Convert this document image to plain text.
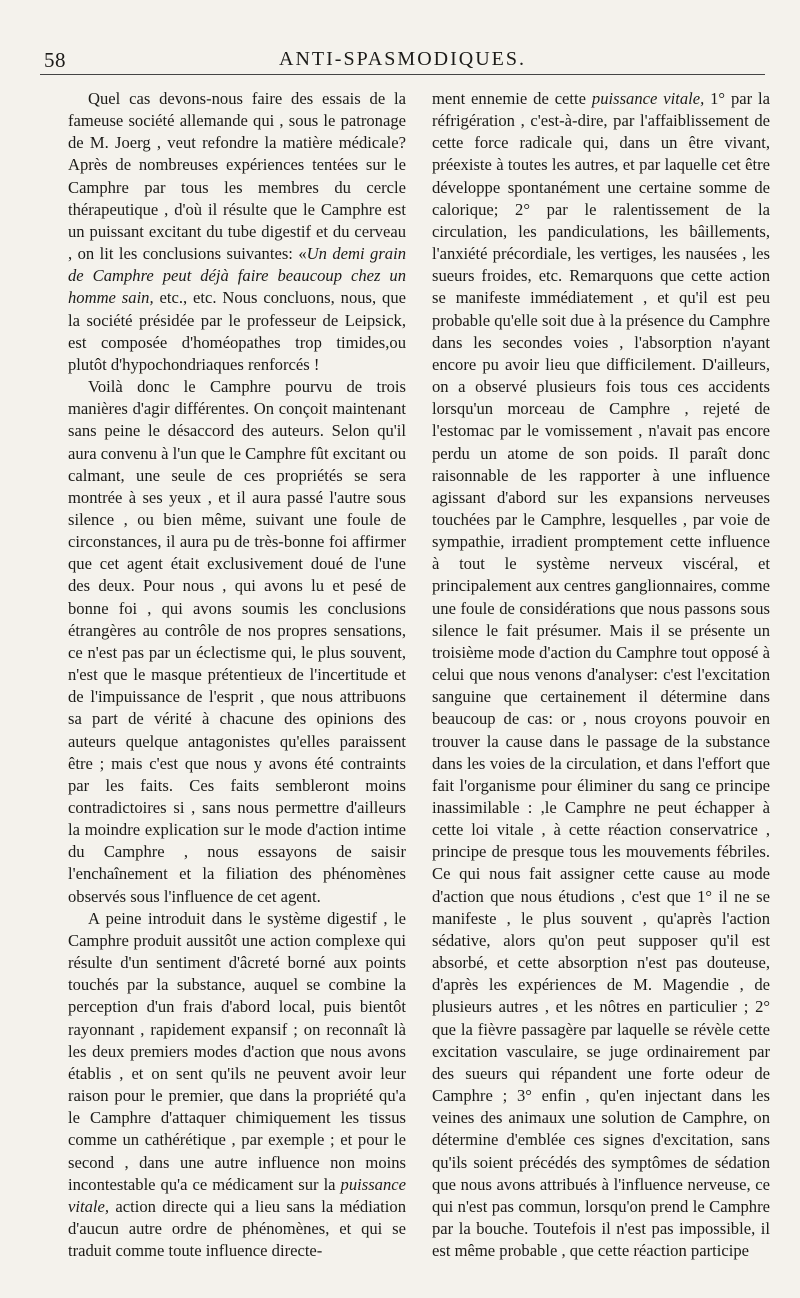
58	ANTI-SPASMODIQUES.

Quel cas devons-nous faire des essais de la fameuse société allemande qui , sous le patronage de M. Joerg , veut refondre la matière médicale? Après de nombreuses expériences tentées sur le Camphre par tous les membres du cercle thérapeutique , d'où il résulte que le Camphre est un puissant excitant du tube digestif et du cerveau , on lit les conclusions suivantes: «Un demi grain de Camphre peut déjà faire beaucoup chez un homme sain, etc., etc. Nous concluons, nous, que la société présidée par le professeur de Leipsick, est composée d'homéopathes trop timides,ou plutôt d'hypochondriaques renforcés !

Voilà donc le Camphre pourvu de trois manières d'agir différentes. On conçoit maintenant sans peine le désaccord des auteurs. Selon qu'il aura convenu à l'un que le Camphre fût excitant ou calmant, une seule de ces propriétés se sera montrée à ses yeux , et il aura passé l'autre sous silence , ou bien même, suivant une foule de circonstances, il aura pu de très-bonne foi affirmer que cet agent était exclusivement doué de l'une des deux. Pour nous , qui avons lu et pesé de bonne foi , qui avons soumis les conclusions étrangères au contrôle de nos propres sensations, ce n'est pas par un éclectisme qui, le plus souvent, n'est que le masque prétentieux de l'incertitude et de l'impuissance de l'esprit , que nous attribuons sa part de vérité à chacune des opinions des auteurs quelque antagonistes qu'elles paraissent être ; mais c'est que nous y avons été contraints par les faits. Ces faits sembleront moins contradictoires si , sans nous permettre d'ailleurs la moindre explication sur le mode d'action intime du Camphre , nous essayons de saisir l'enchaînement et la filiation des phénomènes observés sous l'influence de cet agent.

A peine introduit dans le système digestif , le Camphre produit aussitôt une action complexe qui résulte d'un sentiment d'âcreté borné aux points touchés par la substance, auquel se combine la perception d'un frais d'abord local, puis bientôt rayonnant , rapidement expansif ; on reconnaît là les deux premiers modes d'action que nous avons établis , et on sent qu'ils ne peuvent avoir leur raison pour le premier, que dans la propriété qu'a le Camphre d'attaquer chimiquement les tissus comme un cathérétique , par exemple ; et pour le second , dans une autre influence non moins incontestable qu'a ce médicament sur la puissance vitale, action directe qui a lieu sans la médiation d'aucun autre ordre de phénomènes, et qui se traduit comme toute influence directe-

ment ennemie de cette puissance vitale, 1° par la réfrigération , c'est-à-dire, par l'affaiblissement de cette force radicale qui, dans un être vivant, préexiste à toutes les autres, et par laquelle cet être développe spontanément une certaine somme de calorique; 2° par le ralentissement de la circulation, les pandiculations, les bâillements, l'anxiété précordiale, les vertiges, les nausées , les sueurs froides, etc. Remarquons que cette action se manifeste immédiatement , et qu'il est peu probable qu'elle soit due à la présence du Camphre dans les secondes voies , l'absorption n'ayant encore pu avoir lieu que difficilement. D'ailleurs, on a observé plusieurs fois tous ces accidents lorsqu'un morceau de Camphre , rejeté de l'estomac par le vomissement , n'avait pas encore perdu un atome de son poids. Il paraît donc raisonnable de les rapporter à une influence agissant d'abord sur les expansions nerveuses touchées par le Camphre, lesquelles , par voie de sympathie, irradient promptement cette influence à tout le système nerveux viscéral, et principalement aux centres ganglionnaires, comme une foule de considérations que nous passons sous silence le fait présumer. Mais il se présente un troisième mode d'action du Camphre tout opposé à celui que nous venons d'analyser: c'est l'excitation sanguine que certainement il détermine dans beaucoup de cas: or , nous croyons pouvoir en trouver la cause dans le passage de la substance dans les voies de la circulation, et dans l'effort que fait l'organisme pour éliminer du sang ce principe inassimilable : ,le Camphre ne peut échapper à cette loi vitale , à cette réaction conservatrice , principe de presque tous les mouvements fébriles. Ce qui nous fait assigner cette cause au mode d'action que nous étudions , c'est que 1° il ne se manifeste , le plus souvent , qu'après l'action sédative, alors qu'on peut supposer qu'il est absorbé, et cette absorption n'est pas douteuse, d'après les expériences de M. Magendie , de plusieurs autres , et les nôtres en particulier ; 2° que la fièvre passagère par laquelle se révèle cette excitation vasculaire, se juge ordinairement par des sueurs qui répandent une forte odeur de Camphre ; 3° enfin , qu'en injectant dans les veines des animaux une solution de Camphre, on détermine d'emblée ces signes d'excitation, sans qu'ils soient précédés des symptômes de sédation que nous avons attribués à l'influence nerveuse, ce qui n'est pas commun, lorsqu'on prend le Camphre par la bouche. Toutefois il n'est pas impossible, il est même probable , que cette réaction participe
